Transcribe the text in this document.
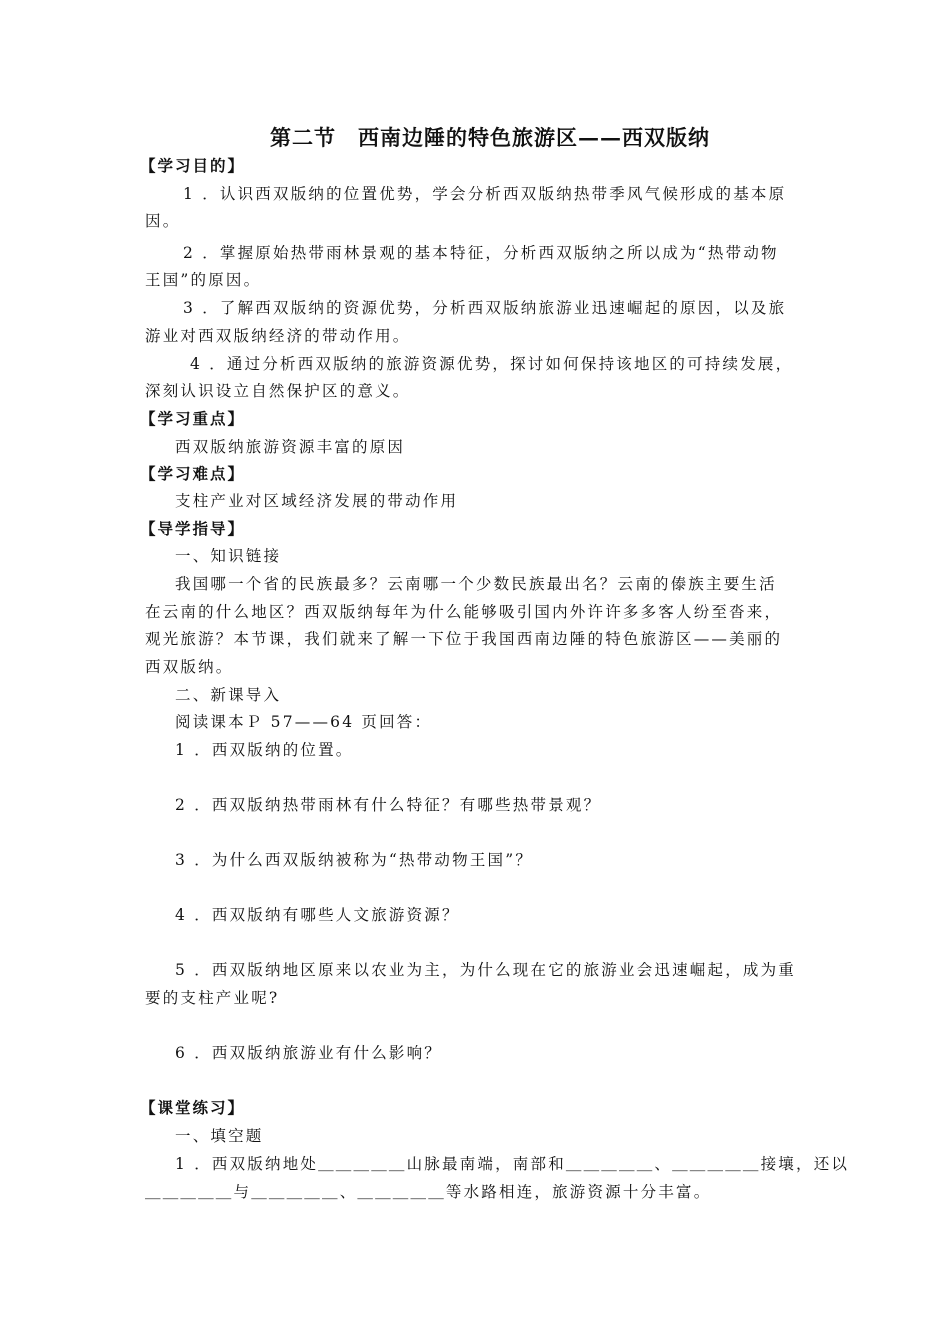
第二节　西南边陲的特色旅游区——西双版纳
【学习目的】
1 ．认识西双版纳的位置优势，学会分析西双版纳热带季风气候形成的基本原
因。
2 ．掌握原始热带雨林景观的基本特征，分析西双版纳之所以成为“热带动物
王国”的原因。
3 ．了解西双版纳的资源优势，分析西双版纳旅游业迅速崛起的原因，以及旅
游业对西双版纳经济的带动作用。
4 ．通过分析西双版纳的旅游资源优势，探讨如何保持该地区的可持续发展，
深刻认识设立自然保护区的意义。
【学习重点】
西双版纳旅游资源丰富的原因
【学习难点】
支柱产业对区域经济发展的带动作用
【导学指导】
一、知识链接
我国哪一个省的民族最多？云南哪一个少数民族最出名？云南的傣族主要生活
在云南的什么地区？西双版纳每年为什么能够吸引国内外许许多多客人纷至沓来，
观光旅游？本节课，我们就来了解一下位于我国西南边陲的特色旅游区——美丽的
西双版纳。
二、新课导入
阅读课本Ｐ 57——64 页回答：
1 ．西双版纳的位置。
2 ．西双版纳热带雨林有什么特征？有哪些热带景观？
3 ．为什么西双版纳被称为“热带动物王国”？
4 ．西双版纳有哪些人文旅游资源？
5 ．西双版纳地区原来以农业为主，为什么现在它的旅游业会迅速崛起，成为重
要的支柱产业呢?
6 ．西双版纳旅游业有什么影响？
【课堂练习】
一、填空题
1 ．西双版纳地处＿＿＿＿＿山脉最南端，南部和＿＿＿＿＿、＿＿＿＿＿接壤，还以
＿＿＿＿＿与＿＿＿＿＿、＿＿＿＿＿等水路相连，旅游资源十分丰富。
